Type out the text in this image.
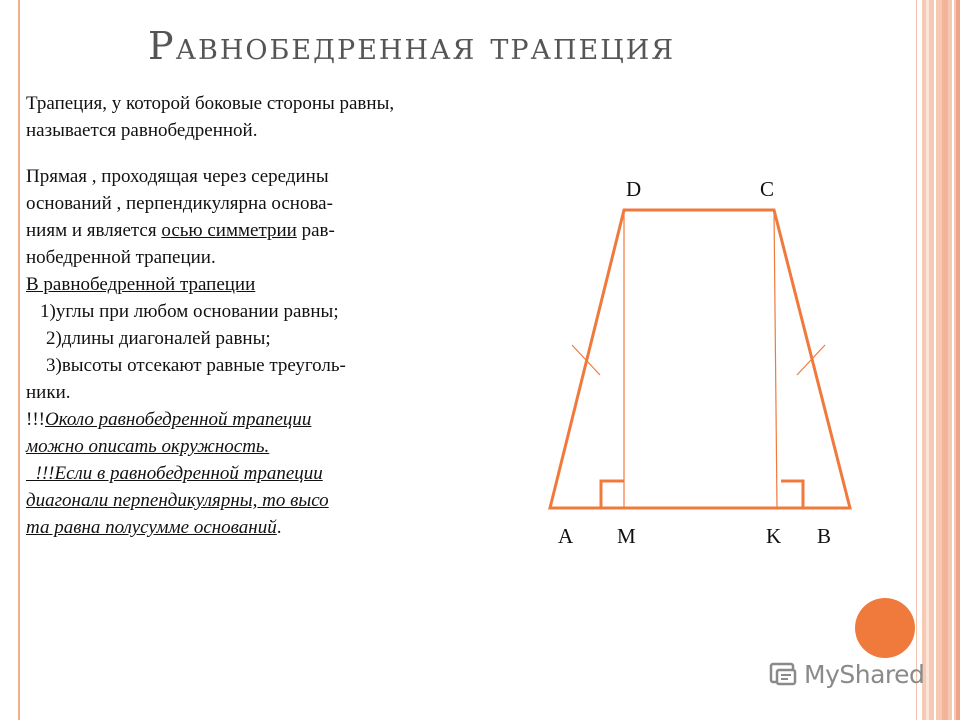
Равнобедренная трапеция

Трапеция, у которой боковые стороны равны, называется равнобедренной.

Прямая , проходящая через середины

оснований , перпендикулярна основа-

ниям и является осью симметрии рав-

нобедренной трапеции.

В равнобедренной трапеции

1)углы при любом основании равны;

2)длины диагоналей равны;

3)высоты отсекают равные треуголь-

ники.

!!!Около равнобедренной трапеции

можно описать окружность.

!!!Если в равнобедренной трапеции

диагонали перпендикулярны, то высо

та равна полусумме оснований.

D	C
A M	K B
MyShared
